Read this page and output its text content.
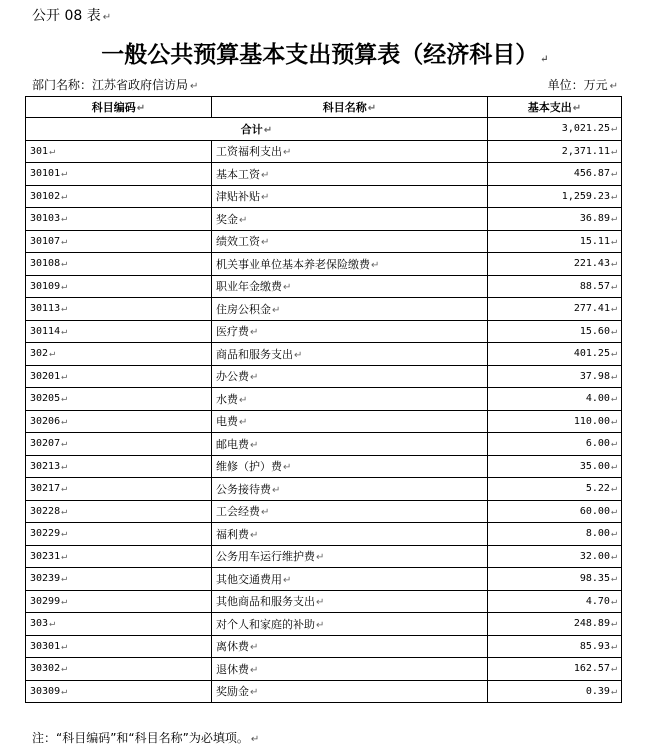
公开 08 表 ↵
一般公共预算基本支出预算表（经济科目） ↵
部门名称：江苏省政府信访局 ↵	单位：万元 ↵
科目编码↵	科目名称↵	基本支出↵
合计↵		3,021.25↵
301↵	工资福利支出↵	2,371.11↵
30101↵	基本工资↵	456.87↵
30102↵	津贴补贴↵	1,259.23↵
30103↵	奖金↵	36.89↵
30107↵	绩效工资↵	15.11↵
30108↵	机关事业单位基本养老保险缴费↵	221.43↵
30109↵	职业年金缴费↵	88.57↵
30113↵	住房公积金↵	277.41↵
30114↵	医疗费↵	15.60↵
302↵	商品和服务支出↵	401.25↵
30201↵	办公费↵	37.98↵
30205↵	水费↵	4.00↵
30206↵	电费↵	110.00↵
30207↵	邮电费↵	6.00↵
30213↵	维修（护）费↵	35.00↵
30217↵	公务接待费↵	5.22↵
30228↵	工会经费↵	60.00↵
30229↵	福利费↵	8.00↵
30231↵	公务用车运行维护费↵	32.00↵
30239↵	其他交通费用↵	98.35↵
30299↵	其他商品和服务支出↵	4.70↵
303↵	对个人和家庭的补助↵	248.89↵
30301↵	离休费↵	85.93↵
30302↵	退休费↵	162.57↵
30309↵	奖励金↵	0.39↵
注：“科目编码”和“科目名称”为必填项。 ↵
